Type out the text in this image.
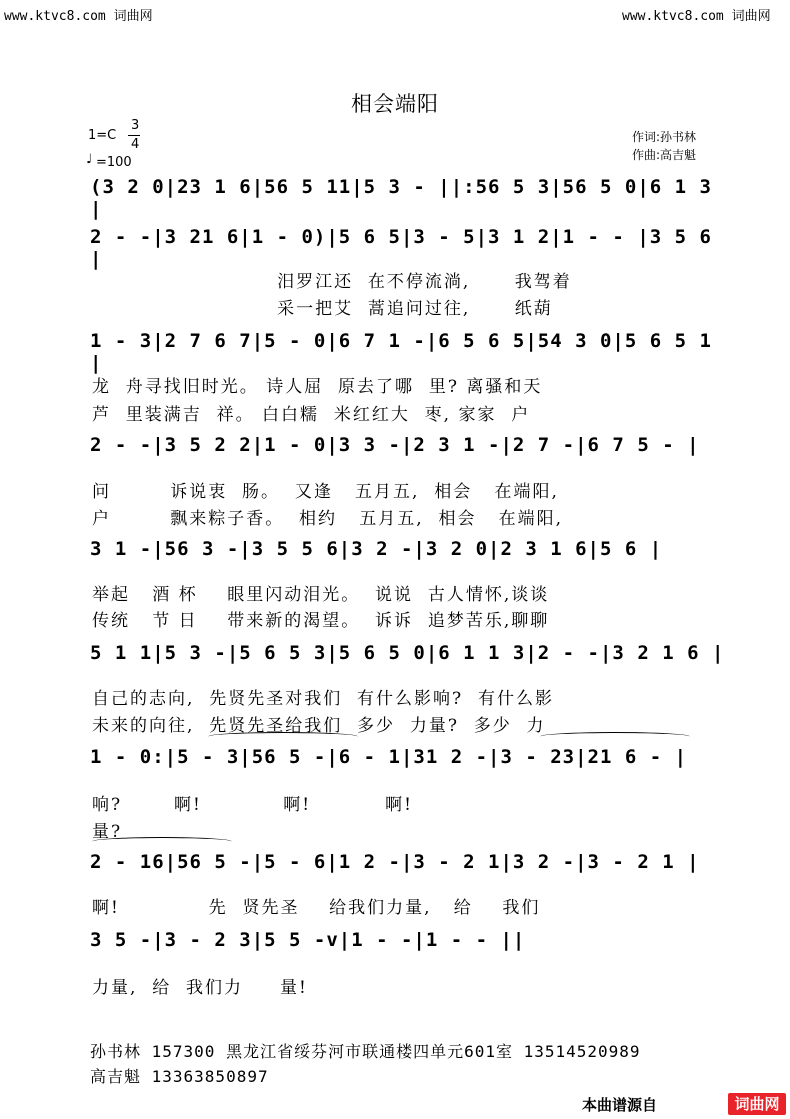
www.ktvc8.com 词曲网	www.ktvc8.com 词曲网
相会端阳
1=C
3
4
♩ =100
作词:孙书林
作曲:高吉魁
(3 2 0|23 1 6|56 5 11|5 3 - ||:56 5 3|56 5 0|6 1 3 |
2 - -|3 21 6|1 - 0)|5 6 5|3 - 5|3 1 2|1 - - |3 5 6 |
汨罗江还  在不停流淌,      我驾着
采一把艾  蒿追问过往,      纸葫
1 - 3|2 7 6 7|5 - 0|6 7 1 -|6 5 6 5|54 3 0|5 6 5 1 |
龙  舟寻找旧时光。 诗人屈  原去了哪  里? 离骚和天
芦  里装满吉  祥。 白白糯  米红红大  枣, 家家  户
2 - -|3 5 2 2|1 - 0|3 3 -|2 3 1 -|2 7 -|6 7 5 - |
问        诉说衷  肠。  又逢   五月五,  相会   在端阳,
户        飘来粽子香。  相约   五月五,  相会   在端阳,
3 1 -|56 3 -|3 5 5 6|3 2 -|3 2 0|2 3 1 6|5 6 |
举起   酒 杯    眼里闪动泪光。  说说  古人情怀,谈谈
传统   节 日    带来新的渴望。  诉诉  追梦苦乐,聊聊
5 1 1|5 3 -|5 6 5 3|5 6 5 0|6 1 1 3|2 - -|3 2 1 6 |
自己的志向,  先贤先圣对我们  有什么影响?  有什么影
未来的向往,  先贤先圣给我们  多少  力量?  多少  力
1 - 0:|5 - 3|56 5 -|6 - 1|31 2 -|3 - 23|21 6 - |
响?       啊!           啊!          啊!
量?
2 - 16|56 5 -|5 - 6|1 2 -|3 - 2 1|3 2 -|3 - 2 1 |
啊!            先  贤先圣    给我们力量,   给    我们
3 5 -|3 - 2 3|5 5 -v|1 - -|1 - - ||
力量,  给  我们力     量!
孙书林 157300 黑龙江省绥芬河市联通楼四单元601室 13514520989
高吉魁 13363850897
本曲谱源自	词曲网
